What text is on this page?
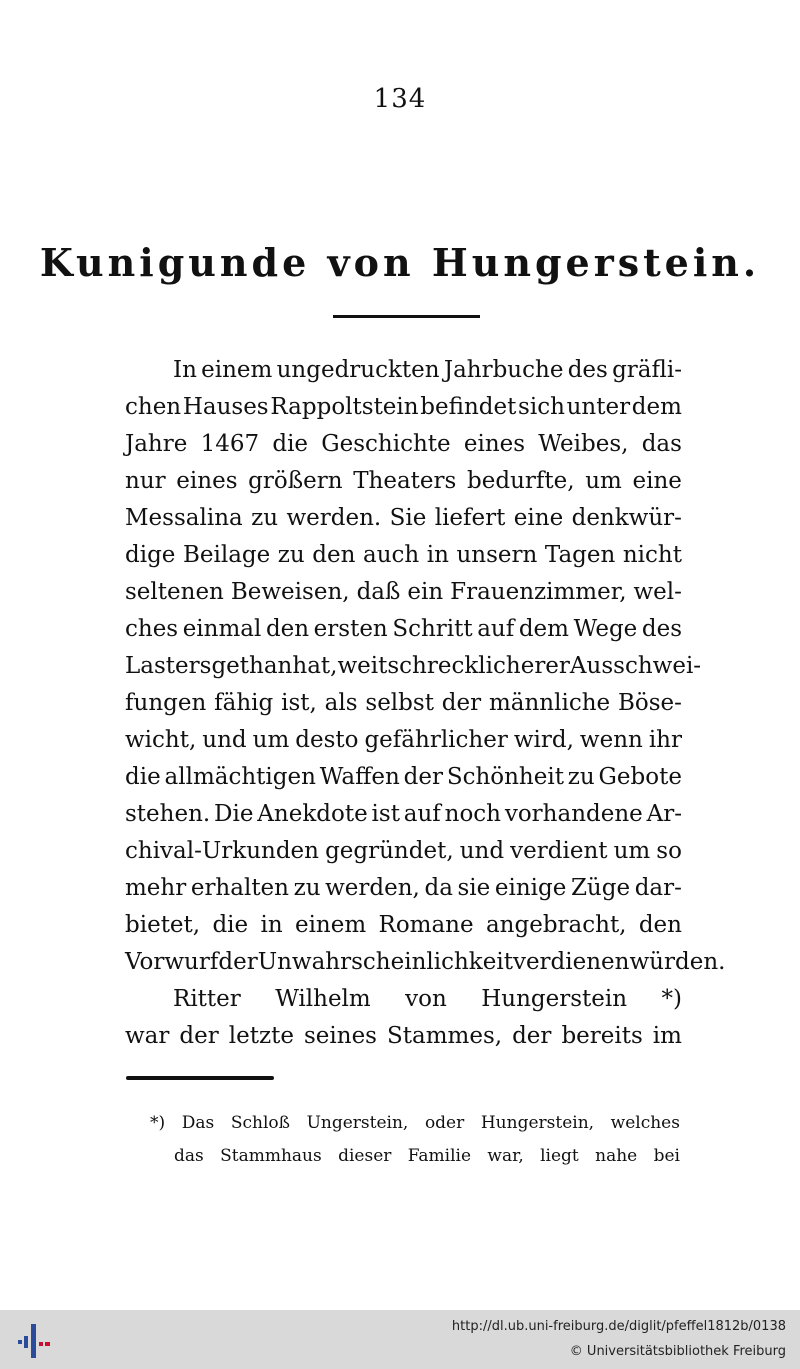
134
Kunigunde von Hungerstein.
In einem ungedruckten Jahrbuche des gräfli-
chen Hauses Rappoltstein befindet sich unter dem
Jahre 1467 die Geschichte eines Weibes, das
nur eines größern Theaters bedurfte, um eine
Messalina zu werden. Sie liefert eine denkwür-
dige Beilage zu den auch in unsern Tagen nicht
seltenen Beweisen, daß ein Frauenzimmer, wel-
ches einmal den ersten Schritt auf dem Wege des
Lasters gethan hat, weit schrecklicherer Ausschwei-
fungen fähig ist, als selbst der männliche Böse-
wicht, und um desto gefährlicher wird, wenn ihr
die allmächtigen Waffen der Schönheit zu Gebote
stehen. Die Anekdote ist auf noch vorhandene Ar-
chival-Urkunden gegründet, und verdient um so
mehr erhalten zu werden, da sie einige Züge dar-
bietet, die in einem Romane angebracht, den
Vorwurf der Unwahrscheinlichkeit verdienen würden.
Ritter Wilhelm von Hungerstein *)
war der letzte seines Stammes, der bereits im
*) Das Schloß Ungerstein, oder Hungerstein, welches
das Stammhaus dieser Familie war, liegt nahe bei
http://dl.ub.uni-freiburg.de/diglit/pfeffel1812b/0138
© Universitätsbibliothek Freiburg
